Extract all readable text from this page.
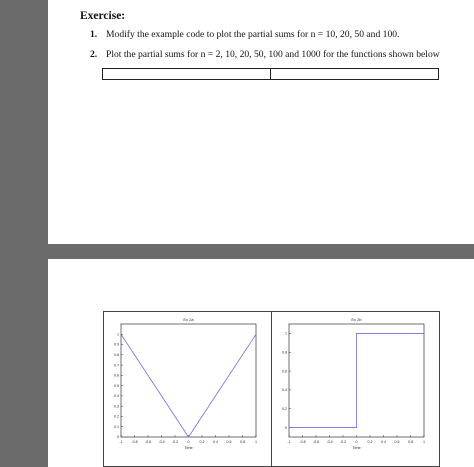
Exercise:
1. Modify the example code to plot the partial sums for n = 10, 20, 50 and 100.
2. Plot the partial sums for n = 2, 10, 20, 50, 100 and 1000 for the functions shown below
Ex 2a
-1 -0.8 -0.6 -0.4 -0.2	0	0.2 0.4 0.6 0.8	1
0
0.1
0.2
0.3
0.4
0.5
0.6
0.7
0.8
0.9
1
Time
Ex 2b
-1 -0.8 -0.6 -0.4 -0.2	0	0.2 0.4 0.6 0.8	1
0
0.2
0.4
0.6
0.8
1
Time
